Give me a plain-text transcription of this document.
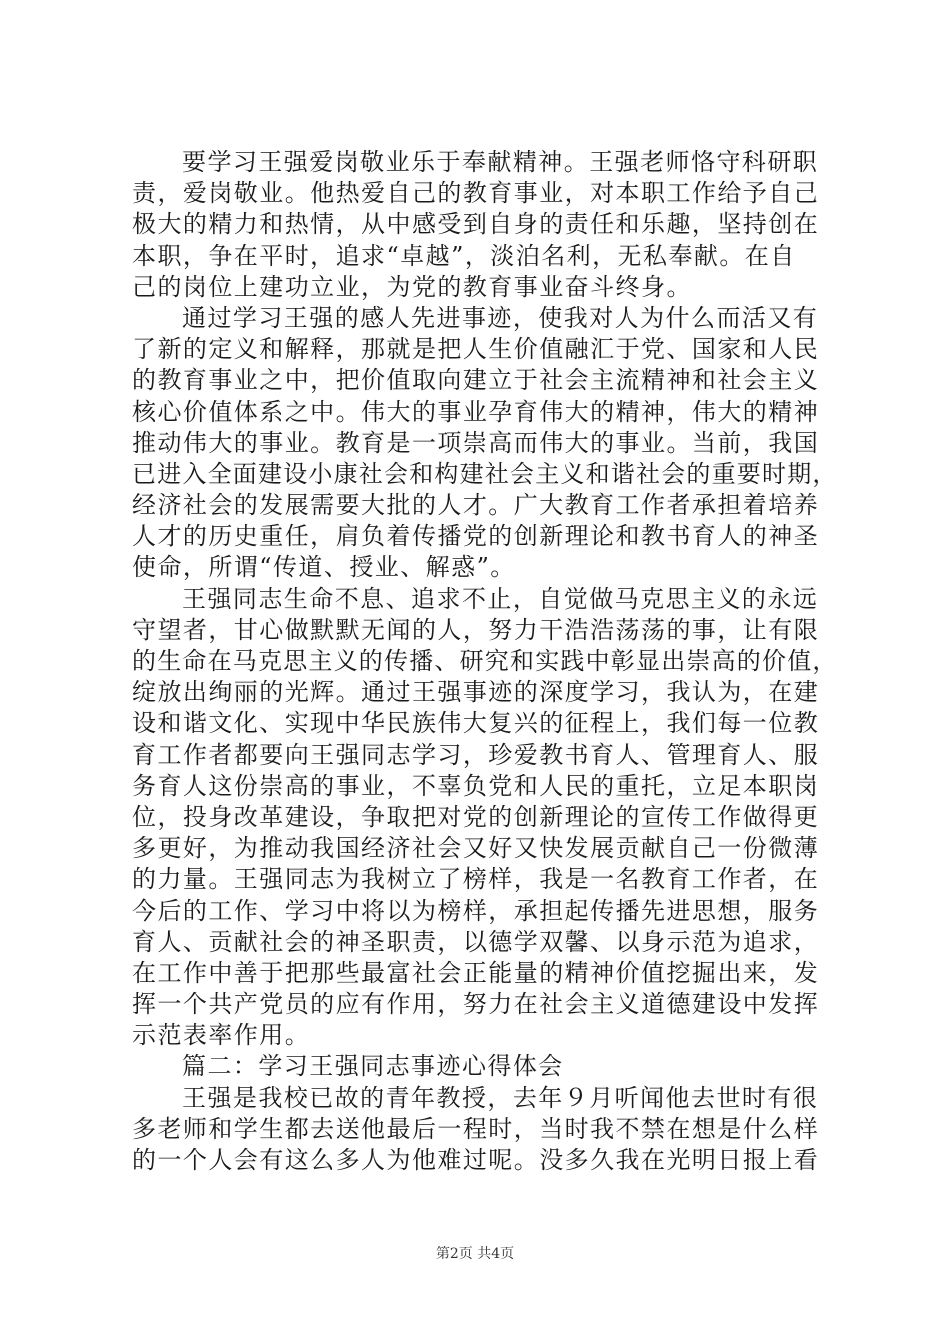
要学习王强爱岗敬业乐于奉献精神。王强老师恪守科研职
责，爱岗敬业。他热爱自己的教育事业，对本职工作给予自己
极大的精力和热情，从中感受到自身的责任和乐趣，坚持创在
本职，争在平时，追求“卓越”，淡泊名利，无私奉献。在自
己的岗位上建功立业，为党的教育事业奋斗终身。
通过学习王强的感人先进事迹，使我对人为什么而活又有
了新的定义和解释，那就是把人生价值融汇于党、国家和人民
的教育事业之中，把价值取向建立于社会主流精神和社会主义
核心价值体系之中。伟大的事业孕育伟大的精神，伟大的精神
推动伟大的事业。教育是一项崇高而伟大的事业。当前，我国
已进入全面建设小康社会和构建社会主义和谐社会的重要时期，
经济社会的发展需要大批的人才。广大教育工作者承担着培养
人才的历史重任，肩负着传播党的创新理论和教书育人的神圣
使命，所谓“传道、授业、解惑”。
王强同志生命不息、追求不止，自觉做马克思主义的永远
守望者，甘心做默默无闻的人，努力干浩浩荡荡的事，让有限
的生命在马克思主义的传播、研究和实践中彰显出崇高的价值，
绽放出绚丽的光辉。通过王强事迹的深度学习，我认为，在建
设和谐文化、实现中华民族伟大复兴的征程上，我们每一位教
育工作者都要向王强同志学习，珍爱教书育人、管理育人、服
务育人这份崇高的事业，不辜负党和人民的重托，立足本职岗
位，投身改革建设，争取把对党的创新理论的宣传工作做得更
多更好，为推动我国经济社会又好又快发展贡献自己一份微薄
的力量。王强同志为我树立了榜样，我是一名教育工作者，在
今后的工作、学习中将以为榜样，承担起传播先进思想，服务
育人、贡献社会的神圣职责，以德学双馨、以身示范为追求，
在工作中善于把那些最富社会正能量的精神价值挖掘出来，发
挥一个共产党员的应有作用，努力在社会主义道德建设中发挥
示范表率作用。
篇二：学习王强同志事迹心得体会
王强是我校已故的青年教授，去年９月听闻他去世时有很
多老师和学生都去送他最后一程时，当时我不禁在想是什么样
的一个人会有这么多人为他难过呢。没多久我在光明日报上看
第2页 共4页
